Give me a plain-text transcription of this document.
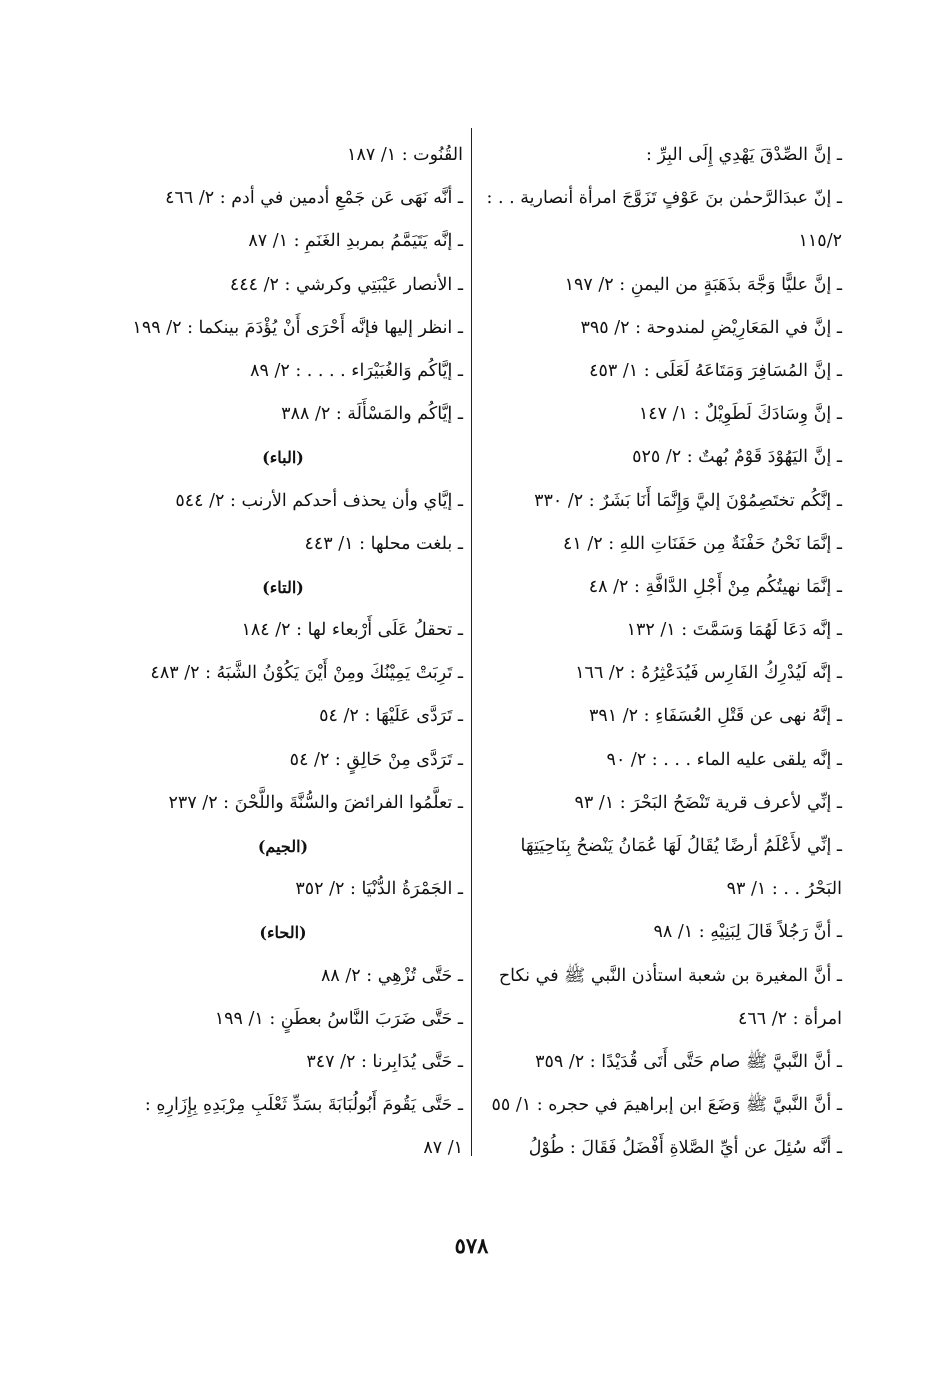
ـ إنَّ الصِّدْقَ يَهْدِي إِلَى البِرِّ :
ـ إنّ عبدَالرَّحمٰن بنَ عَوْفٍ تَزَوَّجَ امرأة أنصارية . . :
١١٥/٢
ـ إنَّ عليًّا وَجَّهَ بذَهَبَةٍ من اليمنِ : ٢/ ١٩٧
ـ إنَّ في المَعَارِيْضِ لمندوحة : ٢/ ٣٩٥
ـ إنَّ المُسَافِرَ وَمَتَاعَهُ لَعَلَى : ١/ ٤٥٣
ـ إنَّ وِسَادَكَ لَطَوِيْلٌ : ١/ ١٤٧
ـ إنَّ اليَهُوْدَ قَوْمٌ بُهتٌ : ٢/ ٥٢٥
ـ إنَّكُم تختَصِمُوْنَ إليَّ وَإِنَّمَا أَنَا بَشَرٌ : ٢/ ٣٣٠
ـ إنَّمَا نَحْنُ حَفْنَةٌ مِن حَفَنَاتِ اللهِ : ٢/ ٤١
ـ إنَّمَا نهيتُكُم مِنْ أَجْلِ الدَّافَّةِ : ٢/ ٤٨
ـ إنَّه دَعَا لَهُمَا وَسَمَّتَ : ١/ ١٣٢
ـ إنَّه لَيُدْرِكُ الفَارِس فَيُدَعْثِرُهُ : ٢/ ١٦٦
ـ إنَّهُ نهى عن قَتْلِ العُسَفَاءِ : ٢/ ٣٩١
ـ إنَّه يلقى عليه الماء . . . : ٢/ ٩٠
ـ إنِّي لأعرف قرية تَنْضَحُ البَحْرَ : ١/ ٩٣
ـ إنِّي لأَعْلَمُ أرضًا يُقَالُ لَهَا عُمَانُ يَنْضحُ بِنَاحِيَتِهَا
البَحْرُ . . : ١/ ٩٣
ـ أنَّ رَجُلاً قَالَ لِبَنِيْهِ : ١/ ٩٨
ـ أنَّ المغيرة بن شعبة استأذن النَّبي ﷺ في نكاح
امرأة : ٢/ ٤٦٦
ـ أنَّ النَّبيَّ ﷺ صام حَتَّى أَتَى قُدَيْدًا : ٢/ ٣٥٩
ـ أنَّ النَّبيَّ ﷺ وَضَعَ ابن إبراهيمَ في حجره : ١/ ٥٥
ـ أنَّه سُئِلَ عن أيِّ الصَّلاةِ أَفْضَلُ فَقَالَ : طُوْلُ
القُنُوت : ١/ ١٨٧
ـ أنَّه نَهَى عَن جَمْعِ أدمين في أدم : ٢/ ٤٦٦
ـ إنَّه يَتَيَمَّمُ بمربدِ الغَنَمِ : ١/ ٨٧
ـ الأنصار عَيْبَتِي وكرشي : ٢/ ٤٤٤
ـ انظر إليها فإنَّه أَحْرَى أَنْ يُؤْدَمَ بينكما : ٢/ ١٩٩
ـ إيَّاكُم وَالغُبَيْرَاء . . . . : ٢/ ٨٩
ـ إيَّاكُم والمَسْأَلَة : ٢/ ٣٨٨
(الباء)
ـ إيَّاي وأن يحذف أحدكم الأرنب : ٢/ ٥٤٤
ـ بلغت محلها : ١/ ٤٤٣
(التاء)
ـ تحقلُ عَلَى أَرْبعاء لها : ٢/ ١٨٤
ـ تَرِبَتْ يَمِيْنُكَ ومِنْ أَيْنَ يَكُوْنُ الشَّبَهُ : ٢/ ٤٨٣
ـ تَرَدَّى عَلَيْهَا : ٢/ ٥٤
ـ تَرَدَّى مِنْ حَالِقٍ : ٢/ ٥٤
ـ تعلَّمُوا الفرائضَ والسُّنَّةَ واللَّحْنَ : ٢/ ٢٣٧
(الجيم)
ـ الجَمْرَةُ الدُّنْيَا : ٢/ ٣٥٢
(الحاء)
ـ حَتَّى تُزْهِي : ٢/ ٨٨
ـ حَتَّى ضَرَبَ النَّاسُ بعطَنٍ : ١/ ١٩٩
ـ حَتَّى يُدَابِرنا : ٢/ ٣٤٧
ـ حَتَّى يَقُومَ أَبُولُبَابَةَ بسَدِّ ثَعْلَبِ مِرْبَدِهِ بِإِزَارِهِ :
١/ ٨٧
٥٧٨
